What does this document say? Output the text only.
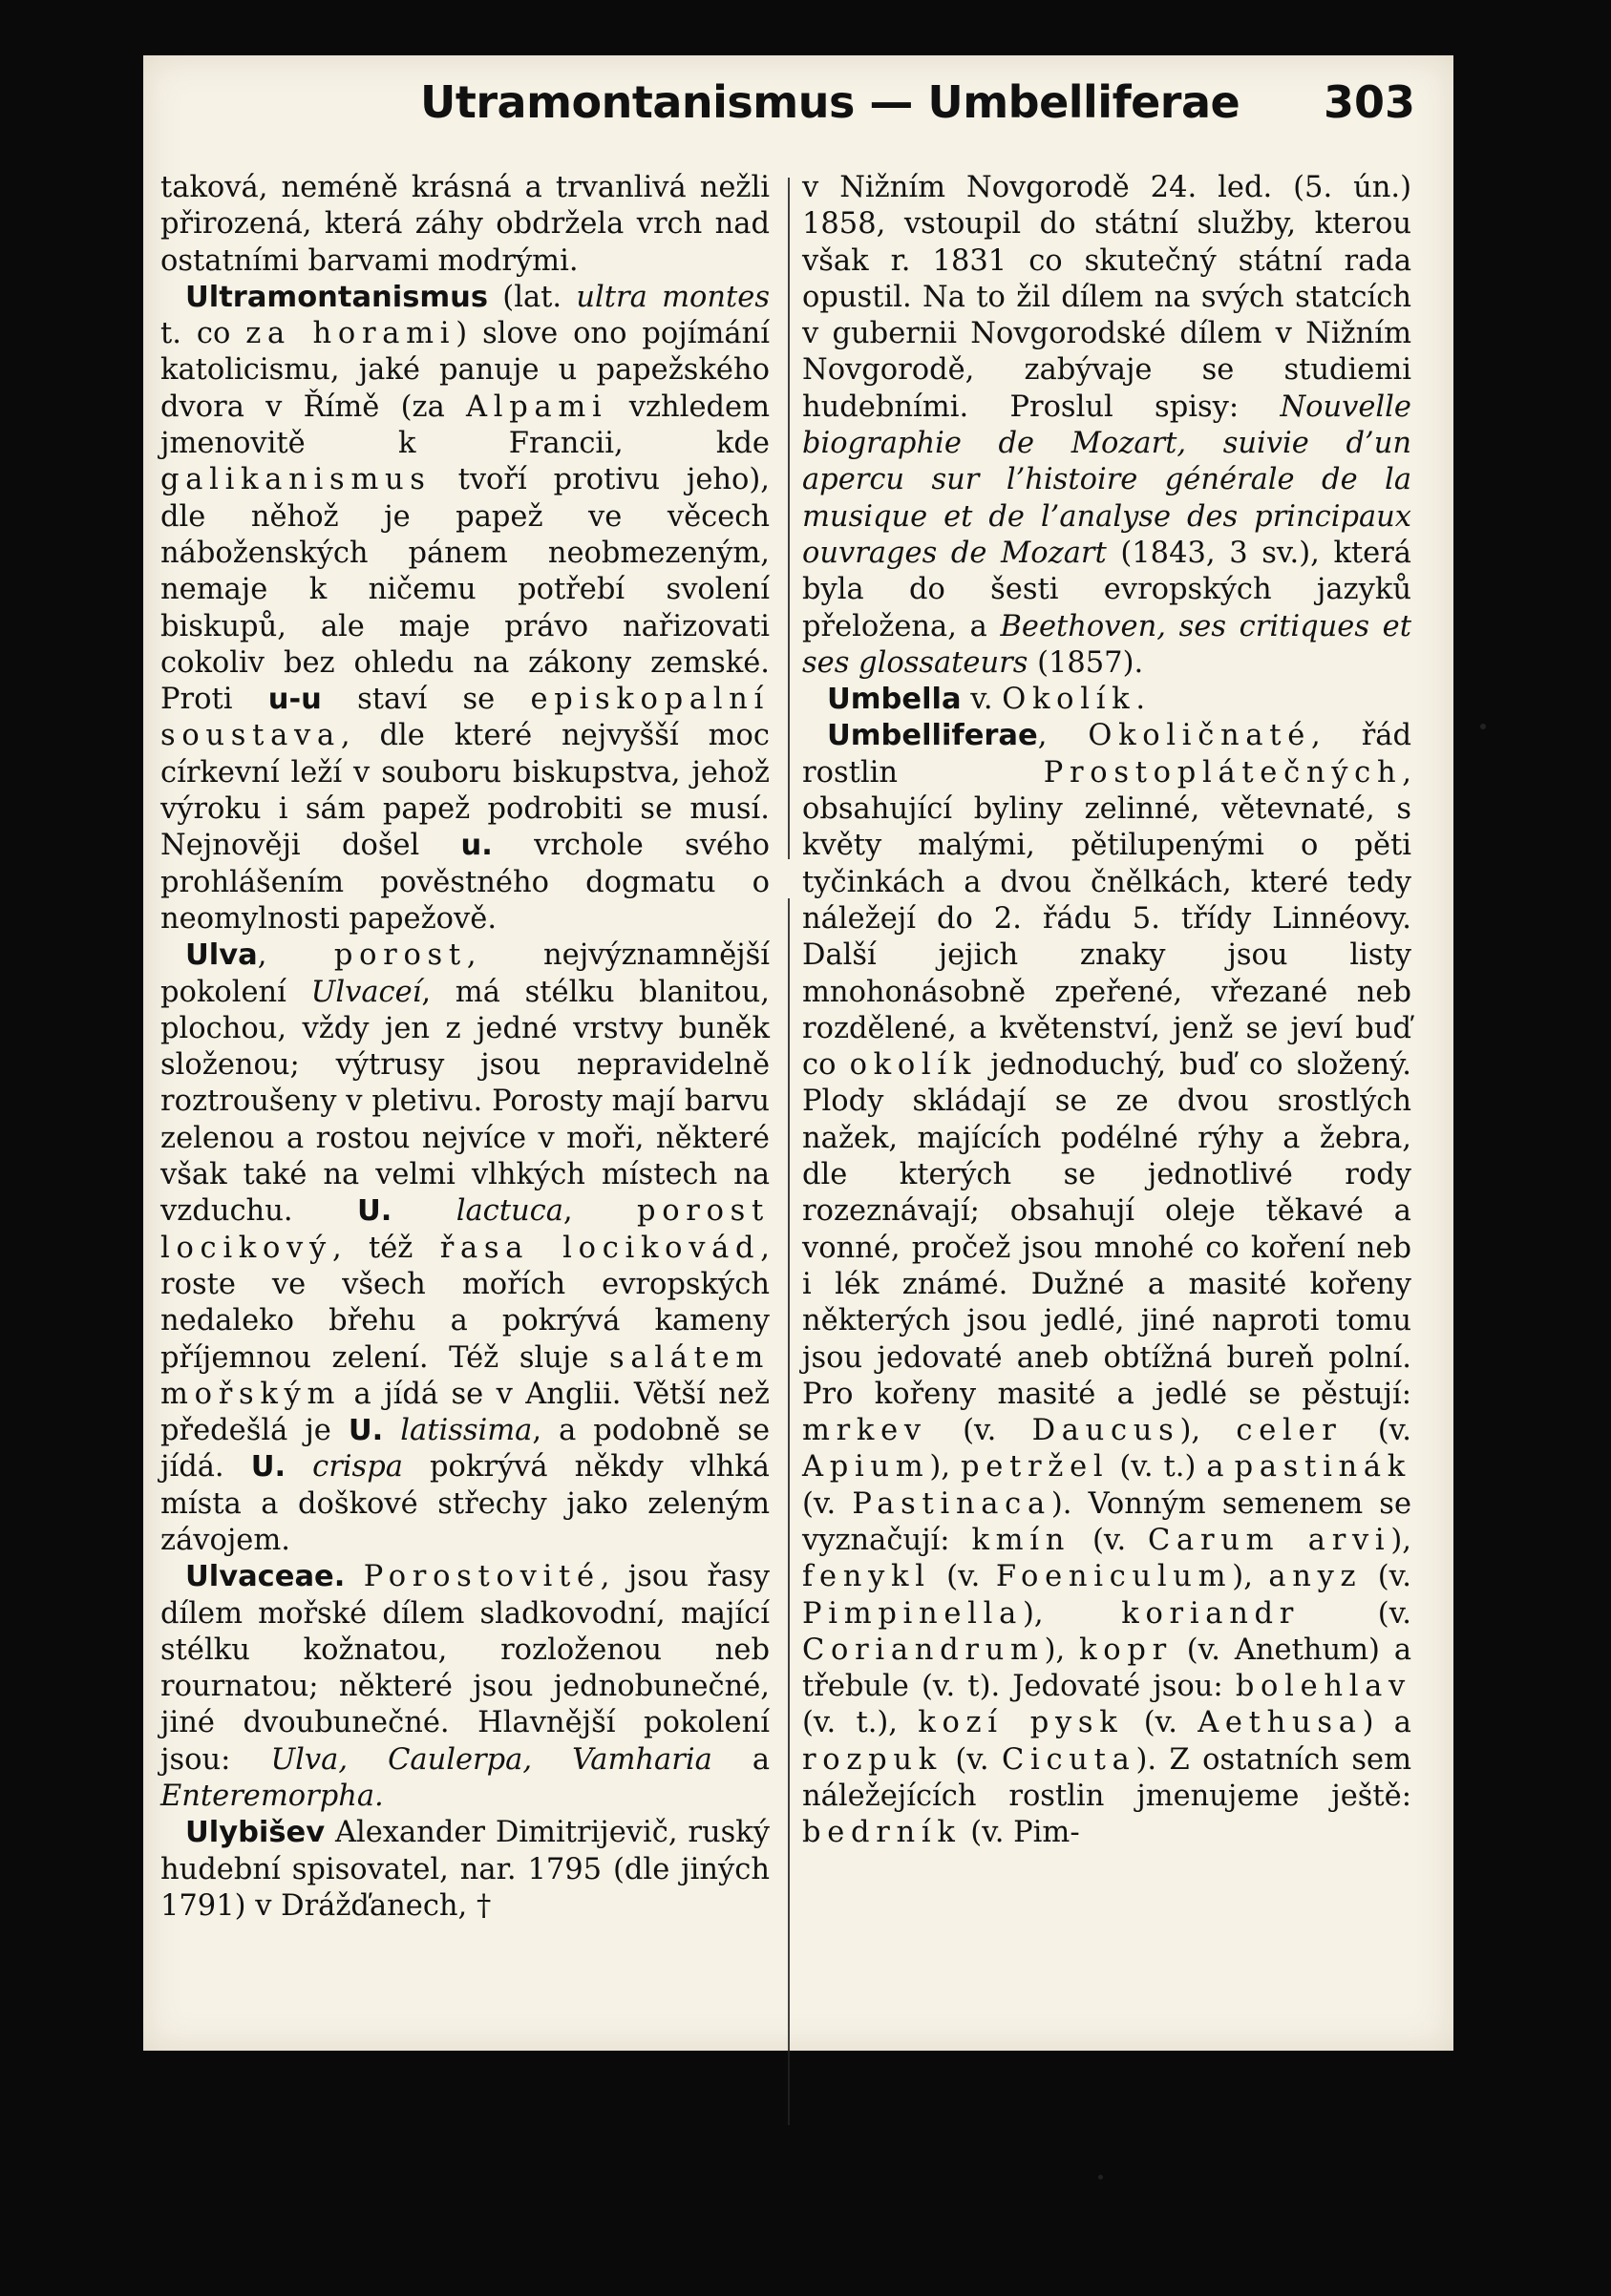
Utramontanismus — Umbelliferae 303

taková, neméně krásná a trvanlivá nežli přirozená, která záhy obdržela vrch nad ostatními barvami modrými.

Ultramontanismus (lat. ultra montes t. co za horami) slove ono pojímání katolicismu, jaké panuje u papežského dvora v Římě (za Alpami vzhledem jmenovitě k Francii, kde galikanismus tvoří protivu jeho), dle něhož je papež ve věcech náboženských pánem neobmezeným, nemaje k ničemu potřebí svolení biskupů, ale maje právo nařizovati cokoliv bez ohledu na zákony zemské. Proti u-u staví se episkopalní soustava, dle které nejvyšší moc církevní leží v souboru biskupstva, jehož výroku i sám papež podrobiti se musí. Nejnověji došel u. vrchole svého prohlášením pověstného dogmatu o neomylnosti papežově.

Ulva, porost, nejvýznamnější pokolení Ulvaceí, má stélku blanitou, plochou, vždy jen z jedné vrstvy buněk složenou; výtrusy jsou nepravidelně roztroušeny v pletivu. Porosty mají barvu zelenou a rostou nejvíce v moři, některé však také na velmi vlhkých místech na vzduchu. U. lactuca, porost locikový, též řasa locikovád, roste ve všech mořích evropských nedaleko břehu a pokrývá kameny příjemnou zelení. Též sluje salátem mořským a jídá se v Anglii. Větší než předešlá je U. latissima, a podobně se jídá. U. crispa pokrývá někdy vlhká místa a doškové střechy jako zeleným závojem.

Ulvaceae. Porostovité, jsou řasy dílem mořské dílem sladkovodní, mající stélku kožnatou, rozloženou neb rournatou; některé jsou jednobunečné, jiné dvoubunečné. Hlavnější pokolení jsou: Ulva, Caulerpa, Vamharia a Enteremorpha.

Ulybišev Alexander Dimitrijevič, ruský hudební spisovatel, nar. 1795 (dle jiných 1791) v Drážďanech, †

v Nižním Novgorodě 24. led. (5. ún.) 1858, vstoupil do státní služby, kterou však r. 1831 co skutečný státní rada opustil. Na to žil dílem na svých statcích v gubernii Novgorodské dílem v Nižním Novgorodě, zabývaje se studiemi hudebními. Proslul spisy: Nouvelle biographie de Mozart, suivie d’un apercu sur l’histoire générale de la musique et de l’analyse des principaux ouvrages de Mozart (1843, 3 sv.), která byla do šesti evropských jazyků přeložena, a Beethoven, ses critiques et ses glossateurs (1857).

Umbella v. Okolík.

Umbelliferae, Okoličnaté, řád rostlin Prostoplátečných, obsahující byliny zelinné, větevnaté, s květy malými, pětilupenými o pěti tyčinkách a dvou čnělkách, které tedy náležejí do 2. řádu 5. třídy Linnéovy. Další jejich znaky jsou listy mnohonásobně zpeřené, vřezané neb rozdělené, a květenství, jenž se jeví buď co okolík jednoduchý, buď co složený. Plody skládají se ze dvou srostlých nažek, majících podélné rýhy a žebra, dle kterých se jednotlivé rody rozeznávají; obsahují oleje těkavé a vonné, pročež jsou mnohé co koření neb i lék známé. Dužné a masité kořeny některých jsou jedlé, jiné naproti tomu jsou jedovaté aneb obtížná bureň polní. Pro kořeny masité a jedlé se pěstují: mrkev (v. Daucus), celer (v. Apium), petržel (v. t.) a pastinák (v. Pastinaca). Vonným semenem se vyznačují: kmín (v. Carum arvi), fenykl (v. Foeniculum), anyz (v. Pimpinella), koriandr (v. Coriandrum), kopr (v. Anethum) a třebule (v. t). Jedovaté jsou: bolehlav (v. t.), kozí pysk (v. Aethusa) a rozpuk (v. Cicuta). Z ostatních sem náležejících rostlin jmenujeme ještě: bedrník (v. Pim-
